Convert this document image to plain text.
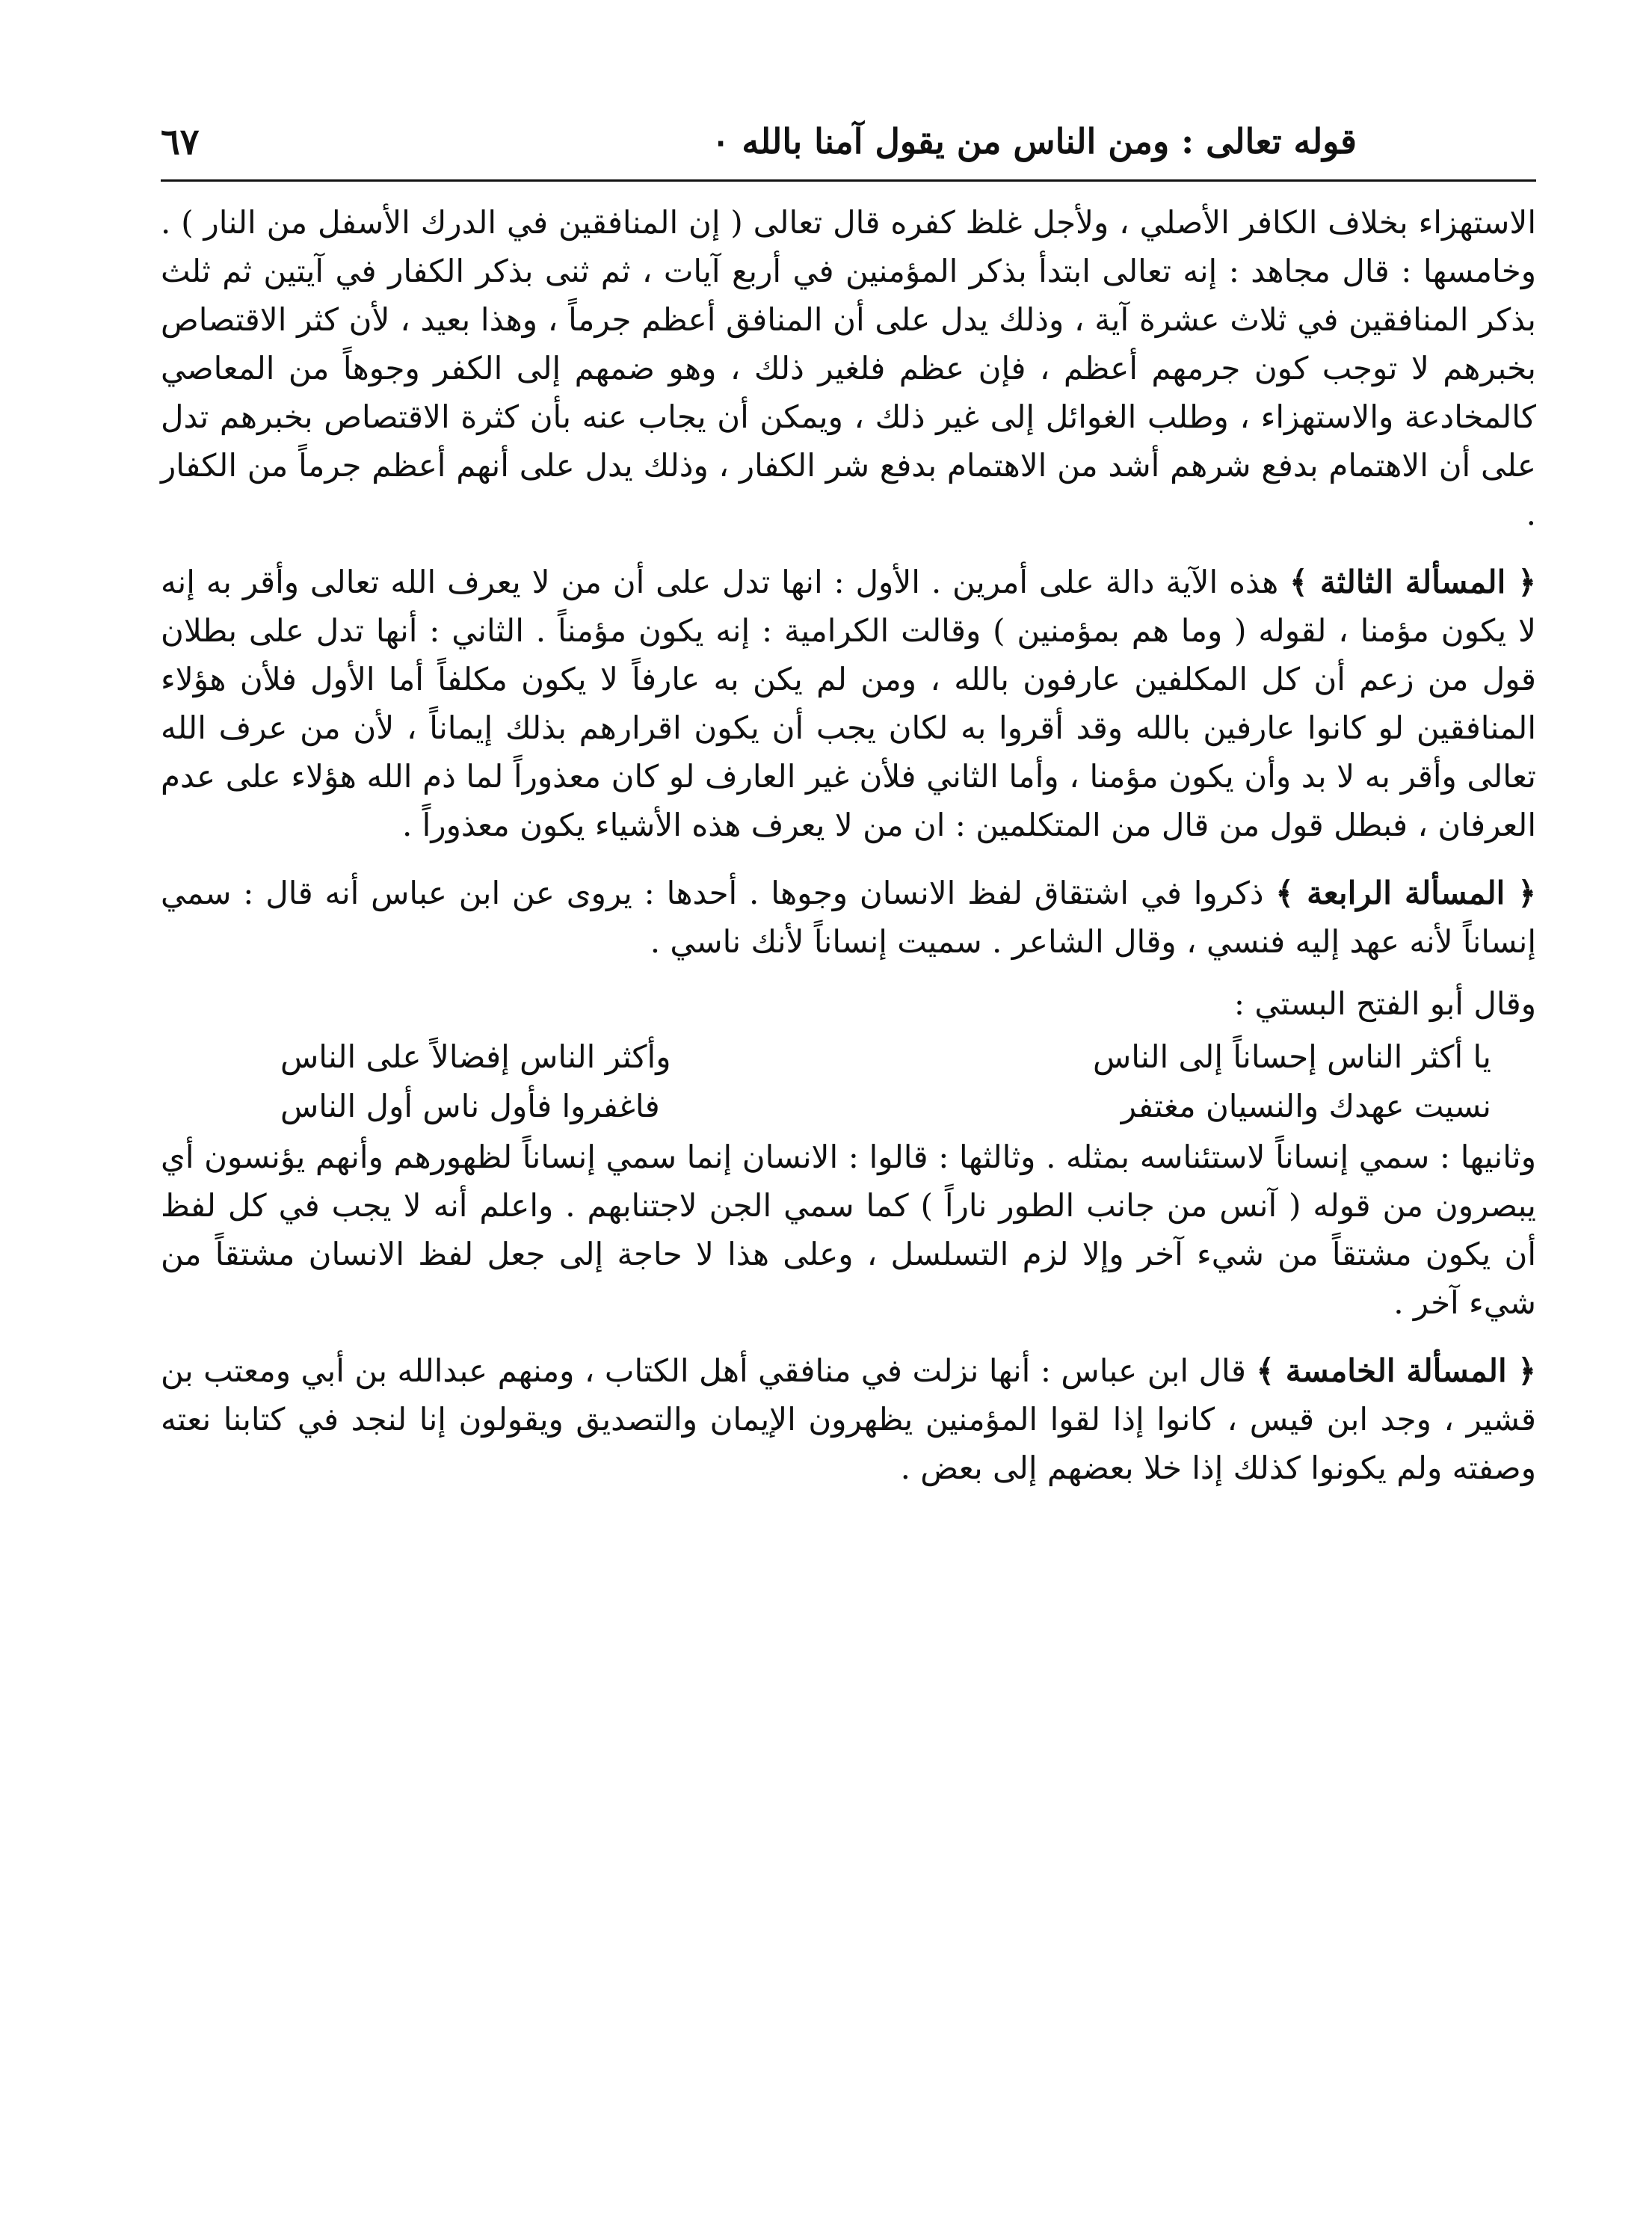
قوله تعالى : ومن الناس من يقول آمنا بالله ٠
٦٧

الاستهزاء بخلاف الكافر الأصلي ، ولأجل غلظ كفره قال تعالى ( إن المنافقين في الدرك الأسفل من النار ) . وخامسها : قال مجاهد : إنه تعالى ابتدأ بذكر المؤمنين في أربع آيات ، ثم ثنى بذكر الكفار في آيتين ثم ثلث بذكر المنافقين في ثلاث عشرة آية ، وذلك يدل على أن المنافق أعظم جرماً ، وهذا بعيد ، لأن كثر الاقتصاص بخبرهم لا توجب كون جرمهم أعظم ، فإن عظم فلغير ذلك ، وهو ضمهم إلى الكفر وجوهاً من المعاصي كالمخادعة والاستهزاء ، وطلب الغوائل إلى غير ذلك ، ويمكن أن يجاب عنه بأن كثرة الاقتصاص بخبرهم تدل على أن الاهتمام بدفع شرهم أشد من الاهتمام بدفع شر الكفار ، وذلك يدل على أنهم أعظم جرماً من الكفار .

﴿ المسألة الثالثة ﴾ هذه الآية دالة على أمرين . الأول : انها تدل على أن من لا يعرف الله تعالى وأقر به إنه لا يكون مؤمنا ، لقوله ( وما هم بمؤمنين ) وقالت الكرامية : إنه يكون مؤمناً . الثاني : أنها تدل على بطلان قول من زعم أن كل المكلفين عارفون بالله ، ومن لم يكن به عارفاً لا يكون مكلفاً أما الأول فلأن هؤلاء المنافقين لو كانوا عارفين بالله وقد أقروا به لكان يجب أن يكون اقرارهم بذلك إيماناً ، لأن من عرف الله تعالى وأقر به لا بد وأن يكون مؤمنا ، وأما الثاني فلأن غير العارف لو كان معذوراً لما ذم الله هؤلاء على عدم العرفان ، فبطل قول من قال من المتكلمين : ان من لا يعرف هذه الأشياء يكون معذوراً .

﴿ المسألة الرابعة ﴾ ذكروا في اشتقاق لفظ الانسان وجوها . أحدها : يروى عن ابن عباس أنه قال : سمي إنساناً لأنه عهد إليه فنسي ، وقال الشاعر . سميت إنساناً لأنك ناسي .

وقال أبو الفتح البستي :
يا أكثر الناس إحساناً إلى الناس
وأكثر الناس إفضالاً على الناس
نسيت عهدك والنسيان مغتفر
فاغفروا فأول ناس أول الناس

وثانيها : سمي إنساناً لاستئناسه بمثله . وثالثها : قالوا : الانسان إنما سمي إنساناً لظهورهم وأنهم يؤنسون أي يبصرون من قوله ( آنس من جانب الطور ناراً ) كما سمي الجن لاجتنابهم . واعلم أنه لا يجب في كل لفظ أن يكون مشتقاً من شيء آخر وإلا لزم التسلسل ، وعلى هذا لا حاجة إلى جعل لفظ الانسان مشتقاً من شيء آخر .

﴿ المسألة الخامسة ﴾ قال ابن عباس : أنها نزلت في منافقي أهل الكتاب ، ومنهم عبدالله بن أبي ومعتب بن قشير ، وجد ابن قيس ، كانوا إذا لقوا المؤمنين يظهرون الإيمان والتصديق ويقولون إنا لنجد في كتابنا نعته وصفته ولم يكونوا كذلك إذا خلا بعضهم إلى بعض .
